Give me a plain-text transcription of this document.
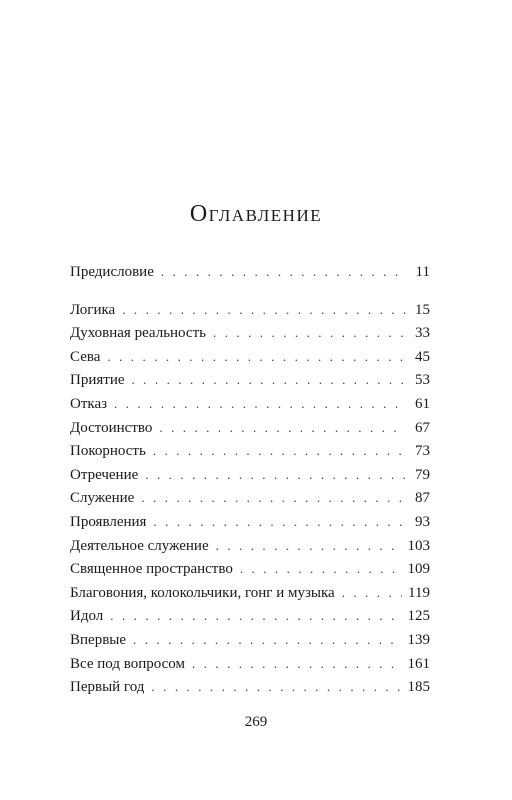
Оглавление
Предисловие . . .	11
Логика . . .	15
Духовная реальность . . .	33
Сева . . .	45
Приятие . . .	53
Отказ . . .	61
Достоинство . . .	67
Покорность . . .	73
Отречение . . .	79
Служение . . .	87
Проявления . . .	93
Деятельное служение . . .	103
Священное пространство . . .	109
Благовония, колокольчики, гонг и музыка . . .	119
Идол . . .	125
Впервые . . .	139
Все под вопросом . . .	161
Первый год . . .	185
269
